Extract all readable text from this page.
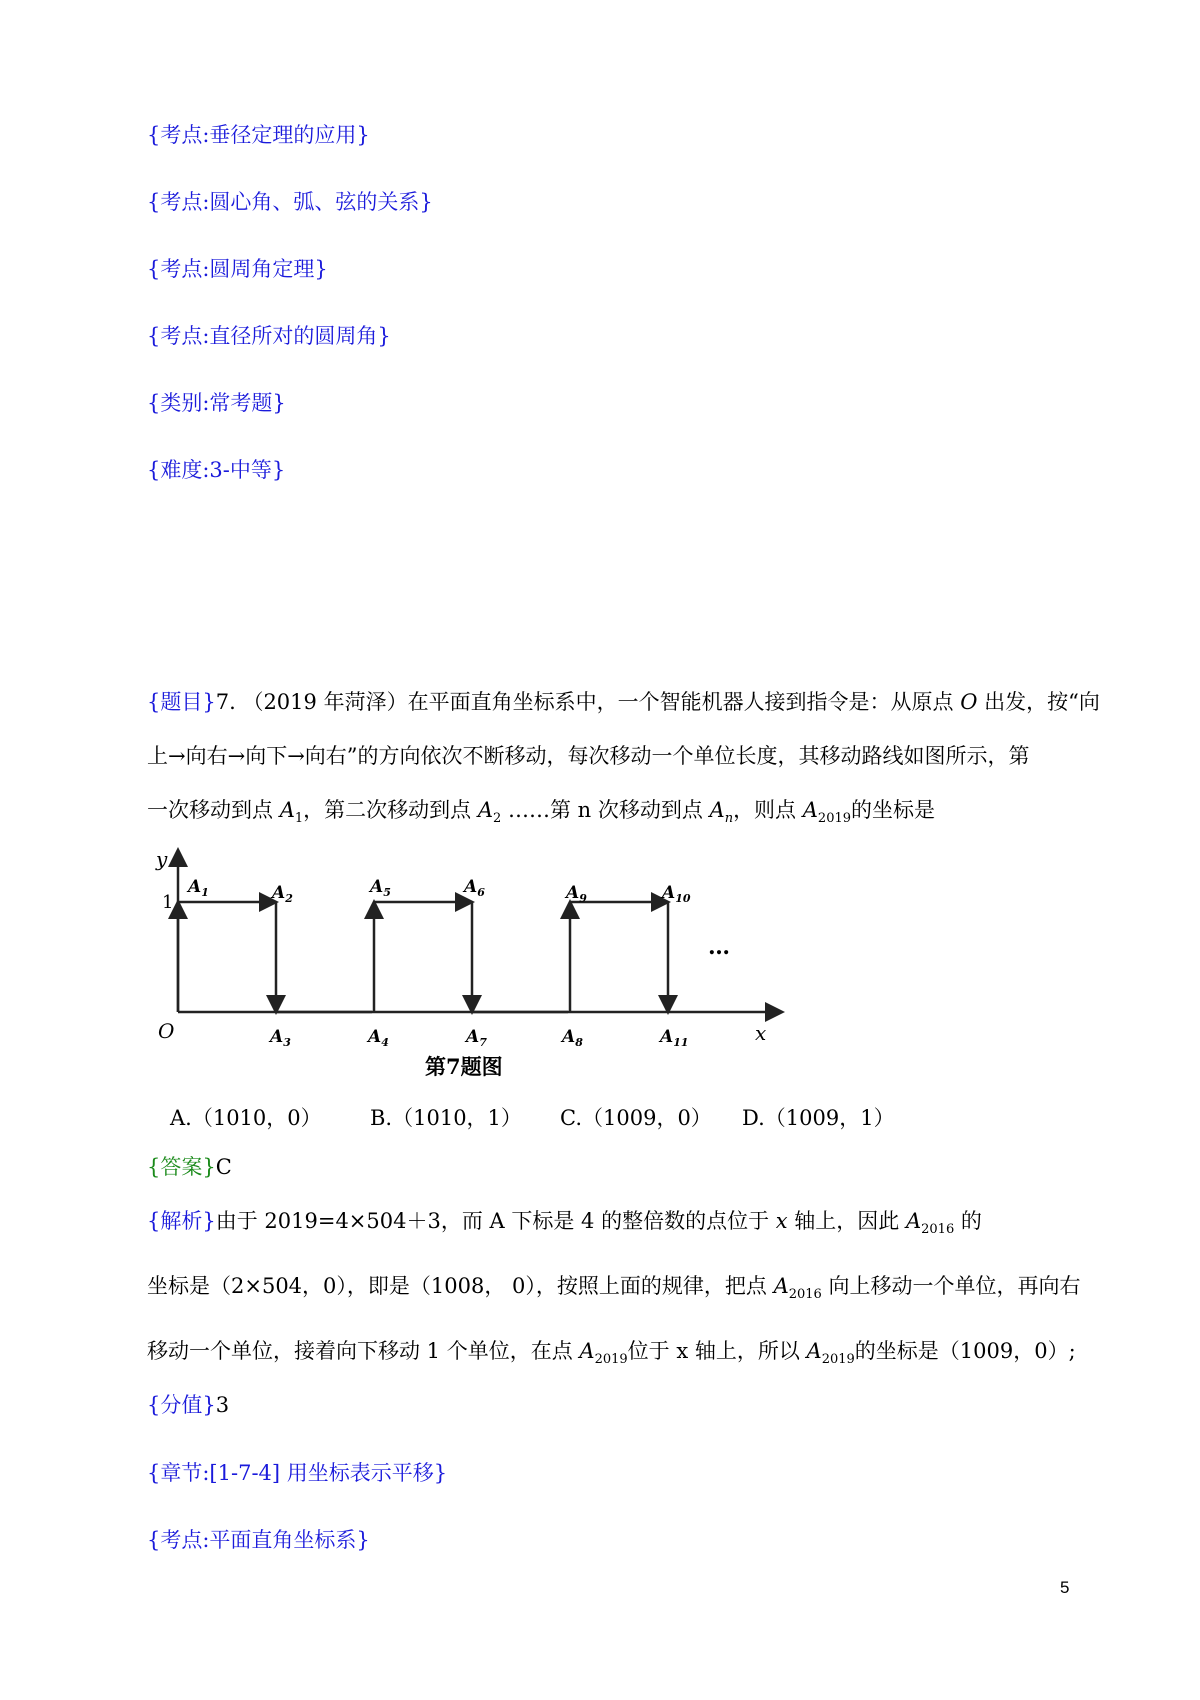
{考点:垂径定理的应用}
{考点:圆心角、弧、弦的关系}
{考点:圆周角定理}
{考点:直径所对的圆周角}
{类别:常考题}
{难度:3-中等}
{题目}7. （2019 年菏泽）在平面直角坐标系中，一个智能机器人接到指令是：从原点 O 出发，按“向
上→向右→向下→向右”的方向依次不断移动，每次移动一个单位长度，其移动路线如图所示，第
一次移动到点 $A_1$，第二次移动到点 $A_2$ ……第 n 次移动到点 $A_n$，则点 $A_{2019}$的坐标是
y
x
O
1
$A_1$	$A_2$
$A_5$	$A_6$	$A_9$	$A_{10}$
$A_3$	$A_4$	$A_7$	$A_8$	$A_{11}$
…
第7题图
A.（1010，0） B.（1010，1） C.（1009，0） D.（1009，1）
{答案}C
{解析}由于 2019=4×504＋3，而 A 下标是 4 的整倍数的点位于 x 轴上，因此 $A_{2016}$ 的
坐标是（2×504，0），即是（1008， 0），按照上面的规律，把点 $A_{2016}$ 向上移动一个单位，再向右
移动一个单位，接着向下移动 1 个单位，在点 $A_{2019}$位于 x 轴上，所以 $A_{2019}$的坐标是（1009，0）;
{分值}3
{章节:[1-7-4] 用坐标表示平移}
{考点:平面直角坐标系}
5
